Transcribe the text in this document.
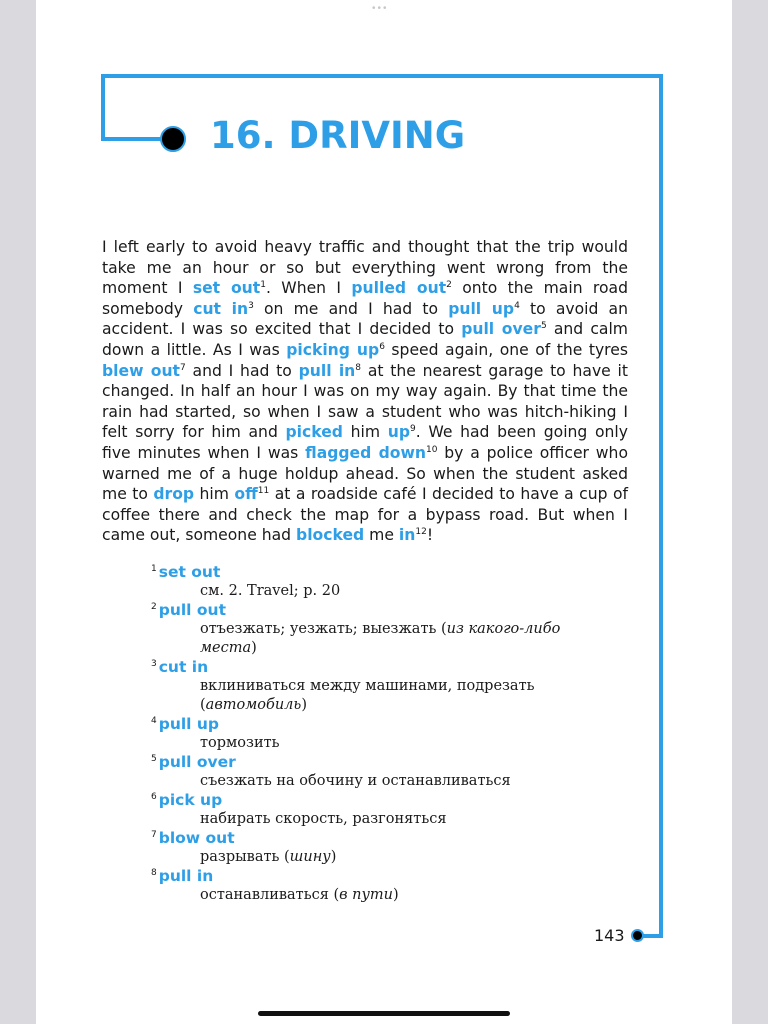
•••
16. DRIVING

I left early to avoid heavy traffic and thought that the trip would take me an hour or so but everything went wrong from the moment I set out$^1$. When I pulled out$^2$ onto the main road somebody cut $in^3$ on me and I had to pull $up^4$ to avoid an accident. I was so excited that I decided to pull over$^5$ and calm down a little. As I was picking $up^6$ speed again, one of the tyres blew out$^7$ and I had to pull $in^8$ at the nearest garage to have it changed. In half an hour I was on my way again. By that time the rain had started, so when I saw a student who was hitch-hiking I felt sorry for him and picked him $up^9$. We had been going only five minutes when I was flagged down$^{10}$ by a police officer who warned me of a huge holdup ahead. So when the student asked me to drop him off$^{11}$ at a roadside café I decided to have a cup of coffee there and check the map for a bypass road. But when I came out, someone had blocked me $in^{12}$!

$^1$ set out
см. 2. Travel; p. 20
$^2$ pull out
отъезжать; уезжать; выезжать (из какого-либо места)
$^3$ cut in
вклиниваться между машинами, подрезать (автомобиль)
$^4$ pull up
тормозить
$^5$ pull over
съезжать на обочину и останавливаться
$^6$ pick up
набирать скорость, разгоняться
$^7$ blow out
разрывать (шину)
$^8$ pull in
останавливаться (в пути)
143
